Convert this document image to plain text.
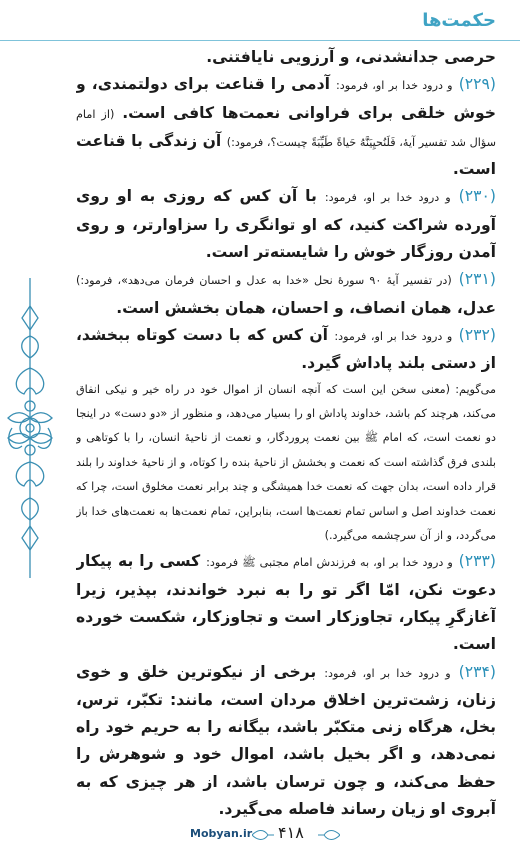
حکمت‌ها

حرصی جدانشدنی، و آرزویی نایافتنی.

(۲۲۹) و درود خدا بر او، فرمود: آدمی را قناعت برای دولتمندی، و خوش خلقی برای فراوانی نعمت‌ها کافی است. (از امام سؤال شد تفسیر آیهٔ، فَلَنُحیِیَنَّهُ حَیاةً طَیِّبَةً چیست؟، فرمود:) آن زندگی با قناعت است.

(۲۳۰) و درود خدا بر او، فرمود: با آن کس که روزی به او روی آورده شراکت کنید، که او توانگری را سزاوارتر، و روی آمدن روزگار خوش را شایسته‌تر است.

(۲۳۱) (در تفسیر آیهٔ ۹۰ سورهٔ نحل «خدا به عدل و احسان فرمان می‌دهد»، فرمود:) عدل، همان انصاف، و احسان، همان بخشش است.

(۲۳۲) و درود خدا بر او، فرمود: آن کس که با دست کوتاه ببخشد، از دستی بلند پاداش گیرد.

می‌گویم: (معنی سخن این است که آنچه انسان از اموال خود در راه خیر و نیکی انفاق می‌کند، هرچند کم باشد، خداوند پاداش او را بسیار می‌دهد، و منظور از «دو دست» در اینجا دو نعمت است، که امام ﷺ بین نعمت پروردگار، و نعمت از ناحیهٔ انسان، را با کوتاهی و بلندی فرق گذاشته است که نعمت و بخشش از ناحیهٔ بنده را کوتاه، و از ناحیهٔ خداوند را بلند قرار داده است، بدان جهت که نعمت خدا همیشگی و چند برابر نعمت مخلوق است، چرا که نعمت خداوند اصل و اساس تمام نعمت‌ها است، بنابراین، تمام نعمت‌ها به نعمت‌های خدا باز می‌گردد، و از آن سرچشمه می‌گیرد.)

(۲۳۳) و درود خدا بر او، به فرزندش امام مجتبی ﷺ فرمود: کسی را به پیکار دعوت نکن، امّا اگر تو را به نبرد خواندند، بپذیر، زیرا آغازگرِ پیکار، تجاوزکار است و تجاوزکار، شکست خورده است.

(۲۳۴) و درود خدا بر او، فرمود: برخی از نیکوترین خلق و خوی زنان، زشت‌ترین اخلاق مردان است، مانند: تکبّر، ترس، بخل، هرگاه زنی متکبّر باشد، بیگانه را به حریم خود راه نمی‌دهد، و اگر بخیل باشد، اموال خود و شوهرش را حفظ می‌کند، و چون ترسان باشد، از هر چیزی که به آبروی او زیان رساند فاصله می‌گیرد.

Mobyan.ir ۴۱۸
